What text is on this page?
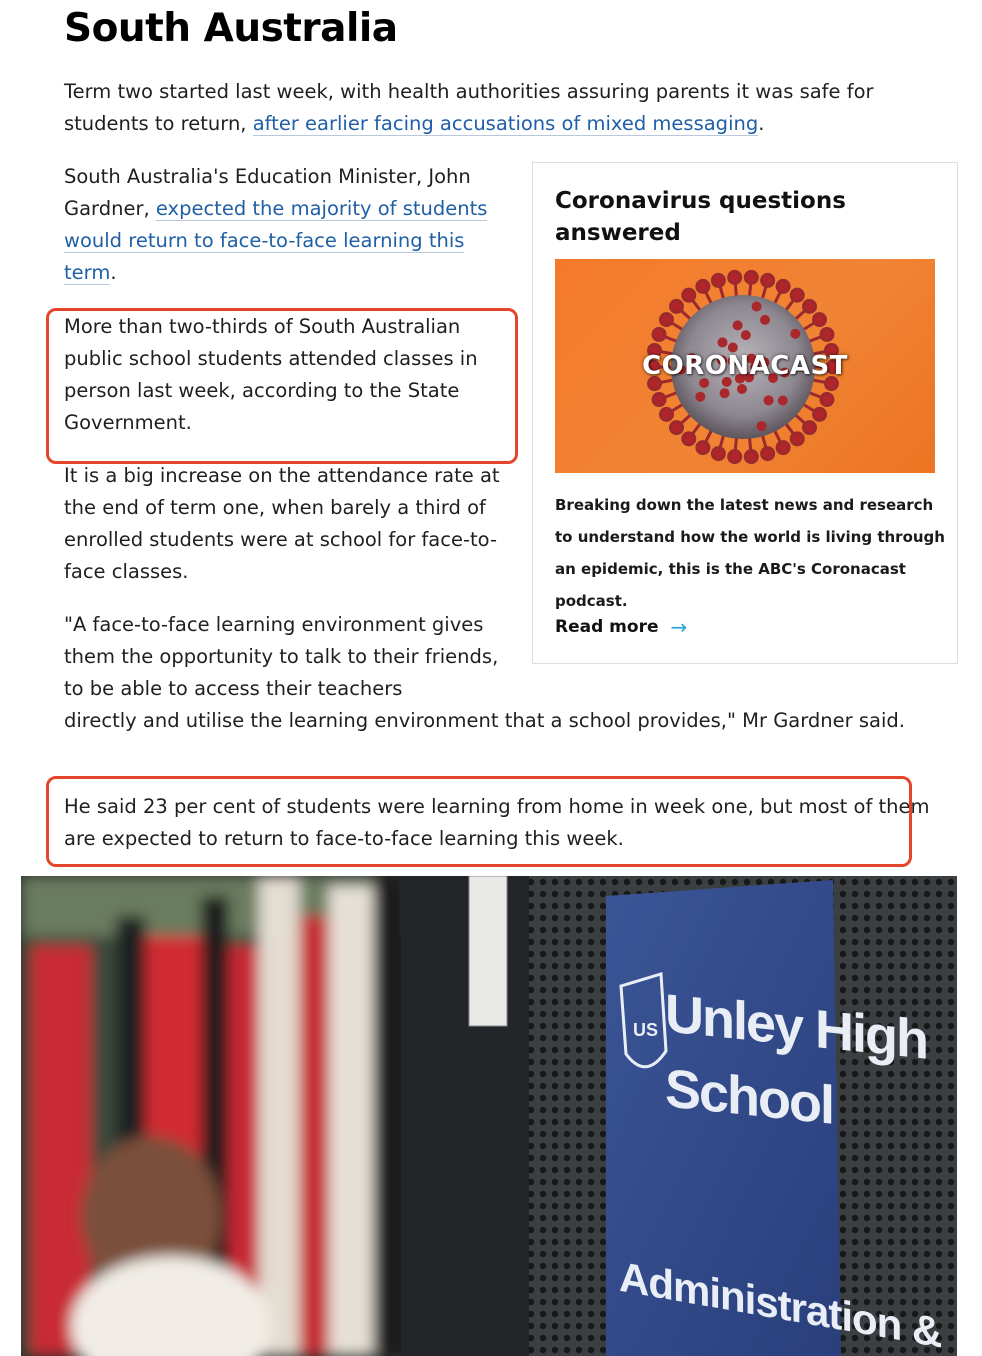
South Australia

Term two started last week, with health authorities assuring parents it was safe for students to return, after earlier facing accusations of mixed messaging.

South Australia's Education Minister, John Gardner, expected the majority of students would return to face-to-face learning this term.

More than two-thirds of South Australian public school students attended classes in person last week, according to the State Government.

It is a big increase on the attendance rate at the end of term one, when barely a third of enrolled students were at school for face-to-face classes.

"A face-to-face learning environment gives them the opportunity to talk to their friends, to be able to access their teachers

directly and utilise the learning environment that a school provides," Mr Gardner said.

He said 23 per cent of students were learning from home in week one, but most of them are expected to return to face-to-face learning this week.

Coronavirus questions answered
CORONACAST

Breaking down the latest news and research to understand how the world is living through an epidemic, this is the ABC's Coronacast podcast.

Read more →
US Unley High
School
Administration &
